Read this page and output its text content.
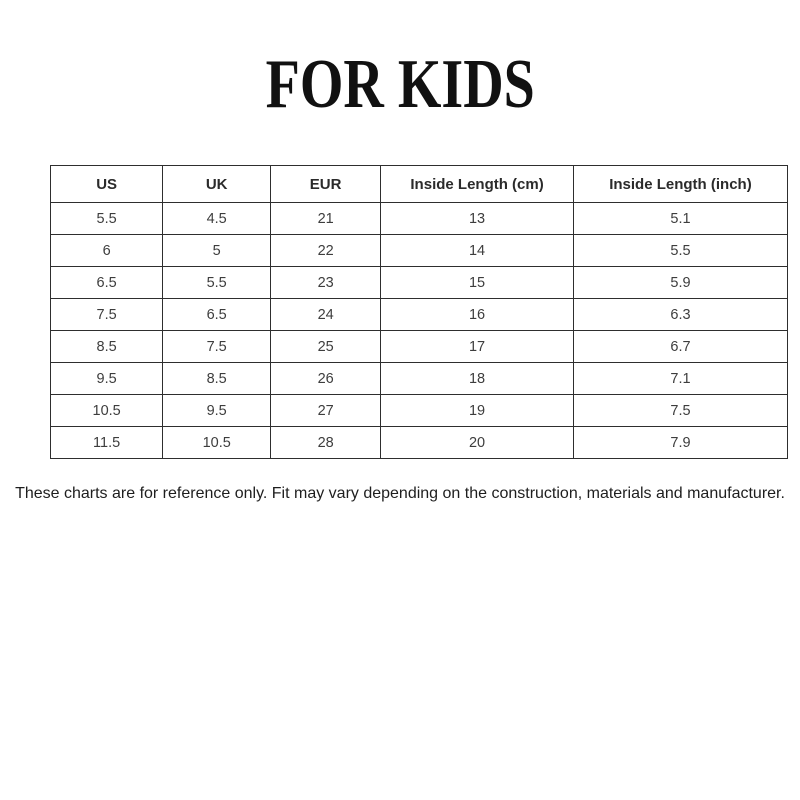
FOR KIDS
US	UK	EUR	Inside Length (cm)	Inside Length (inch)
5.5	4.5	21	13	5.1
6	5	22	14	5.5
6.5	5.5	23	15	5.9
7.5	6.5	24	16	6.3
8.5	7.5	25	17	6.7
9.5	8.5	26	18	7.1
10.5	9.5	27	19	7.5
11.5	10.5	28	20	7.9

These charts are for reference only. Fit may vary depending on the construction, materials and manufacturer.
